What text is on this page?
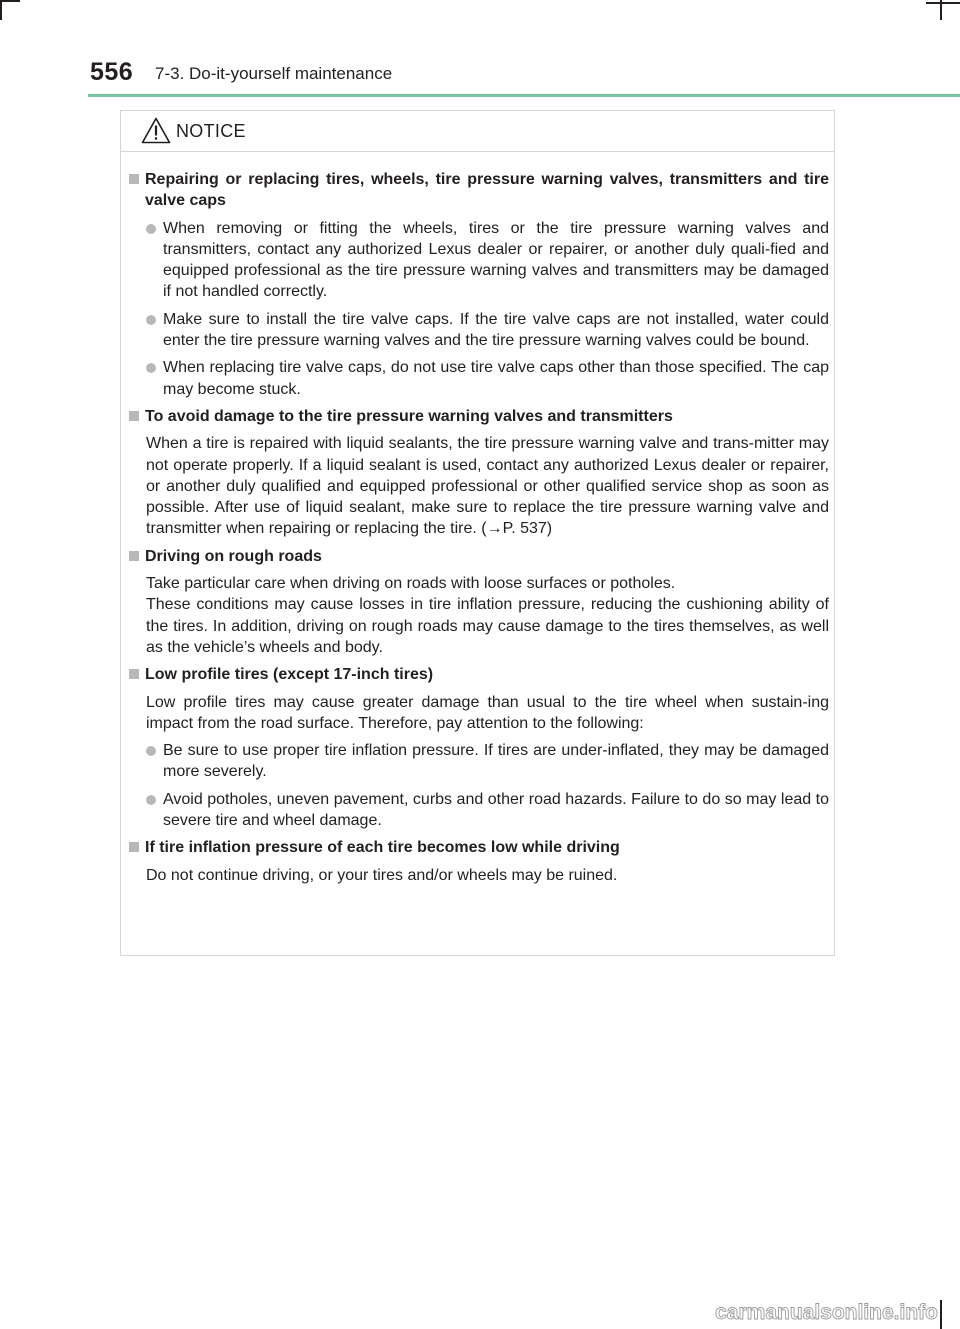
556 7-3. Do-it-yourself maintenance
NOTICE
Repairing or replacing tires, wheels, tire pressure warning valves, transmitters and tire valve caps
When removing or fitting the wheels, tires or the tire pressure warning valves and transmitters, contact any authorized Lexus dealer or repairer, or another duly quali-fied and equipped professional as the tire pressure warning valves and transmitters may be damaged if not handled correctly.
Make sure to install the tire valve caps. If the tire valve caps are not installed, water could enter the tire pressure warning valves and the tire pressure warning valves could be bound.
When replacing tire valve caps, do not use tire valve caps other than those specified. The cap may become stuck.
To avoid damage to the tire pressure warning valves and transmitters
When a tire is repaired with liquid sealants, the tire pressure warning valve and trans-mitter may not operate properly. If a liquid sealant is used, contact any authorized Lexus dealer or repairer, or another duly qualified and equipped professional or other qualified service shop as soon as possible. After use of liquid sealant, make sure to replace the tire pressure warning valve and transmitter when repairing or replacing the tire. (→P. 537)
Driving on rough roads
Take particular care when driving on roads with loose surfaces or potholes.
These conditions may cause losses in tire inflation pressure, reducing the cushioning ability of the tires. In addition, driving on rough roads may cause damage to the tires themselves, as well as the vehicle’s wheels and body.
Low profile tires (except 17-inch tires)
Low profile tires may cause greater damage than usual to the tire wheel when sustain-ing impact from the road surface. Therefore, pay attention to the following:
Be sure to use proper tire inflation pressure. If tires are under-inflated, they may be damaged more severely.
Avoid potholes, uneven pavement, curbs and other road hazards. Failure to do so may lead to severe tire and wheel damage.
If tire inflation pressure of each tire becomes low while driving
Do not continue driving, or your tires and/or wheels may be ruined.
carmanualsonline.info
